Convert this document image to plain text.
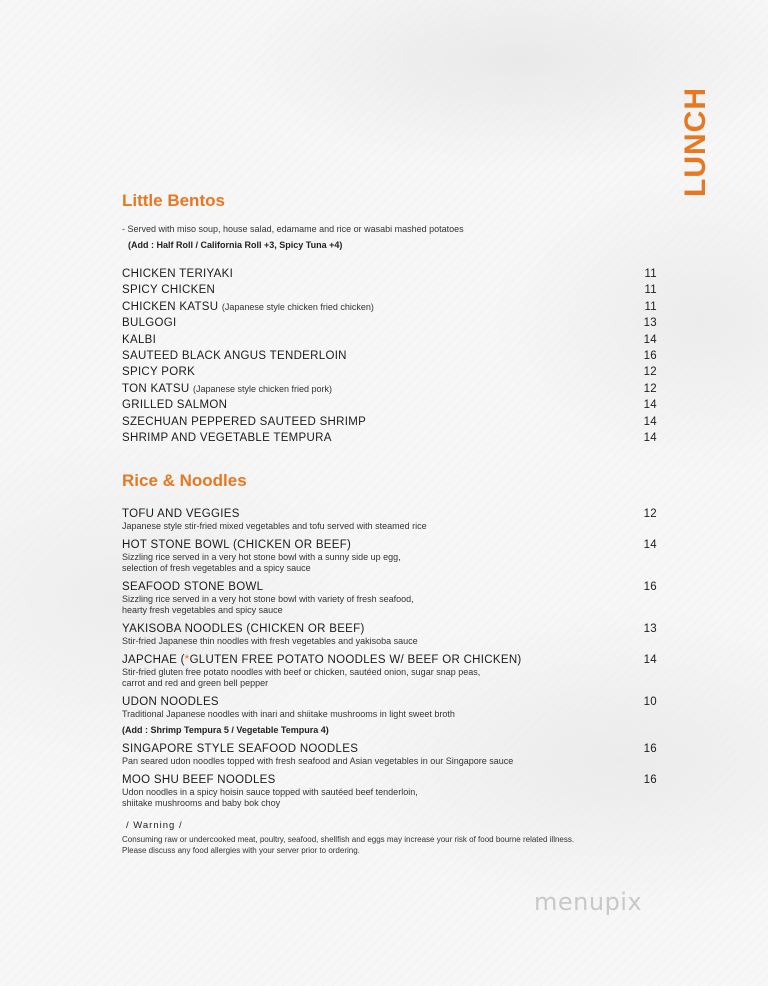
LUNCH
Little Bentos
- Served with miso soup, house salad, edamame and rice or wasabi mashed potatoes
(Add : Half Roll / California Roll +3, Spicy Tuna +4)
CHICKEN TERIYAKI	11
SPICY CHICKEN	11
CHICKEN KATSU (Japanese style chicken fried chicken)	11
BULGOGI	13
KALBI	14
SAUTEED BLACK ANGUS TENDERLOIN	16
SPICY PORK	12
TON KATSU (Japanese style chicken fried pork)	12
GRILLED SALMON	14
SZECHUAN PEPPERED SAUTEED SHRIMP	14
SHRIMP AND VEGETABLE TEMPURA	14
Rice & Noodles
TOFU AND VEGGIES	12
Japanese style stir-fried mixed vegetables and tofu served with steamed rice
HOT STONE BOWL (CHICKEN OR BEEF)	14
Sizzling rice served in a very hot stone bowl with a sunny side up egg,
selection of fresh vegetables and a spicy sauce
SEAFOOD STONE BOWL	16
Sizzling rice served in a very hot stone bowl with variety of fresh seafood,
hearty fresh vegetables and spicy sauce
YAKISOBA NOODLES (CHICKEN OR BEEF)	13
Stir-fried Japanese thin noodles with fresh vegetables and yakisoba sauce
JAPCHAE (*GLUTEN FREE POTATO NOODLES W/ BEEF OR CHICKEN)	14
Stir-fried gluten free potato noodles with beef or chicken, sautéed onion, sugar snap peas,
carrot and red and green bell pepper
UDON NOODLES	10
Traditional Japanese noodles with inari and shiitake mushrooms in light sweet broth
(Add : Shrimp Tempura 5 / Vegetable Tempura 4)
SINGAPORE STYLE SEAFOOD NOODLES	16
Pan seared udon noodles topped with fresh seafood and Asian vegetables in our Singapore sauce
MOO SHU BEEF NOODLES	16
Udon noodles in a spicy hoisin sauce topped with sautéed beef tenderloin,
shiitake mushrooms and baby bok choy
/ Warning /
Consuming raw or undercooked meat, poultry, seafood, shellfish and eggs may increase your risk of food bourne related illness.
Please discuss any food allergies with your server prior to ordering.
menupix
